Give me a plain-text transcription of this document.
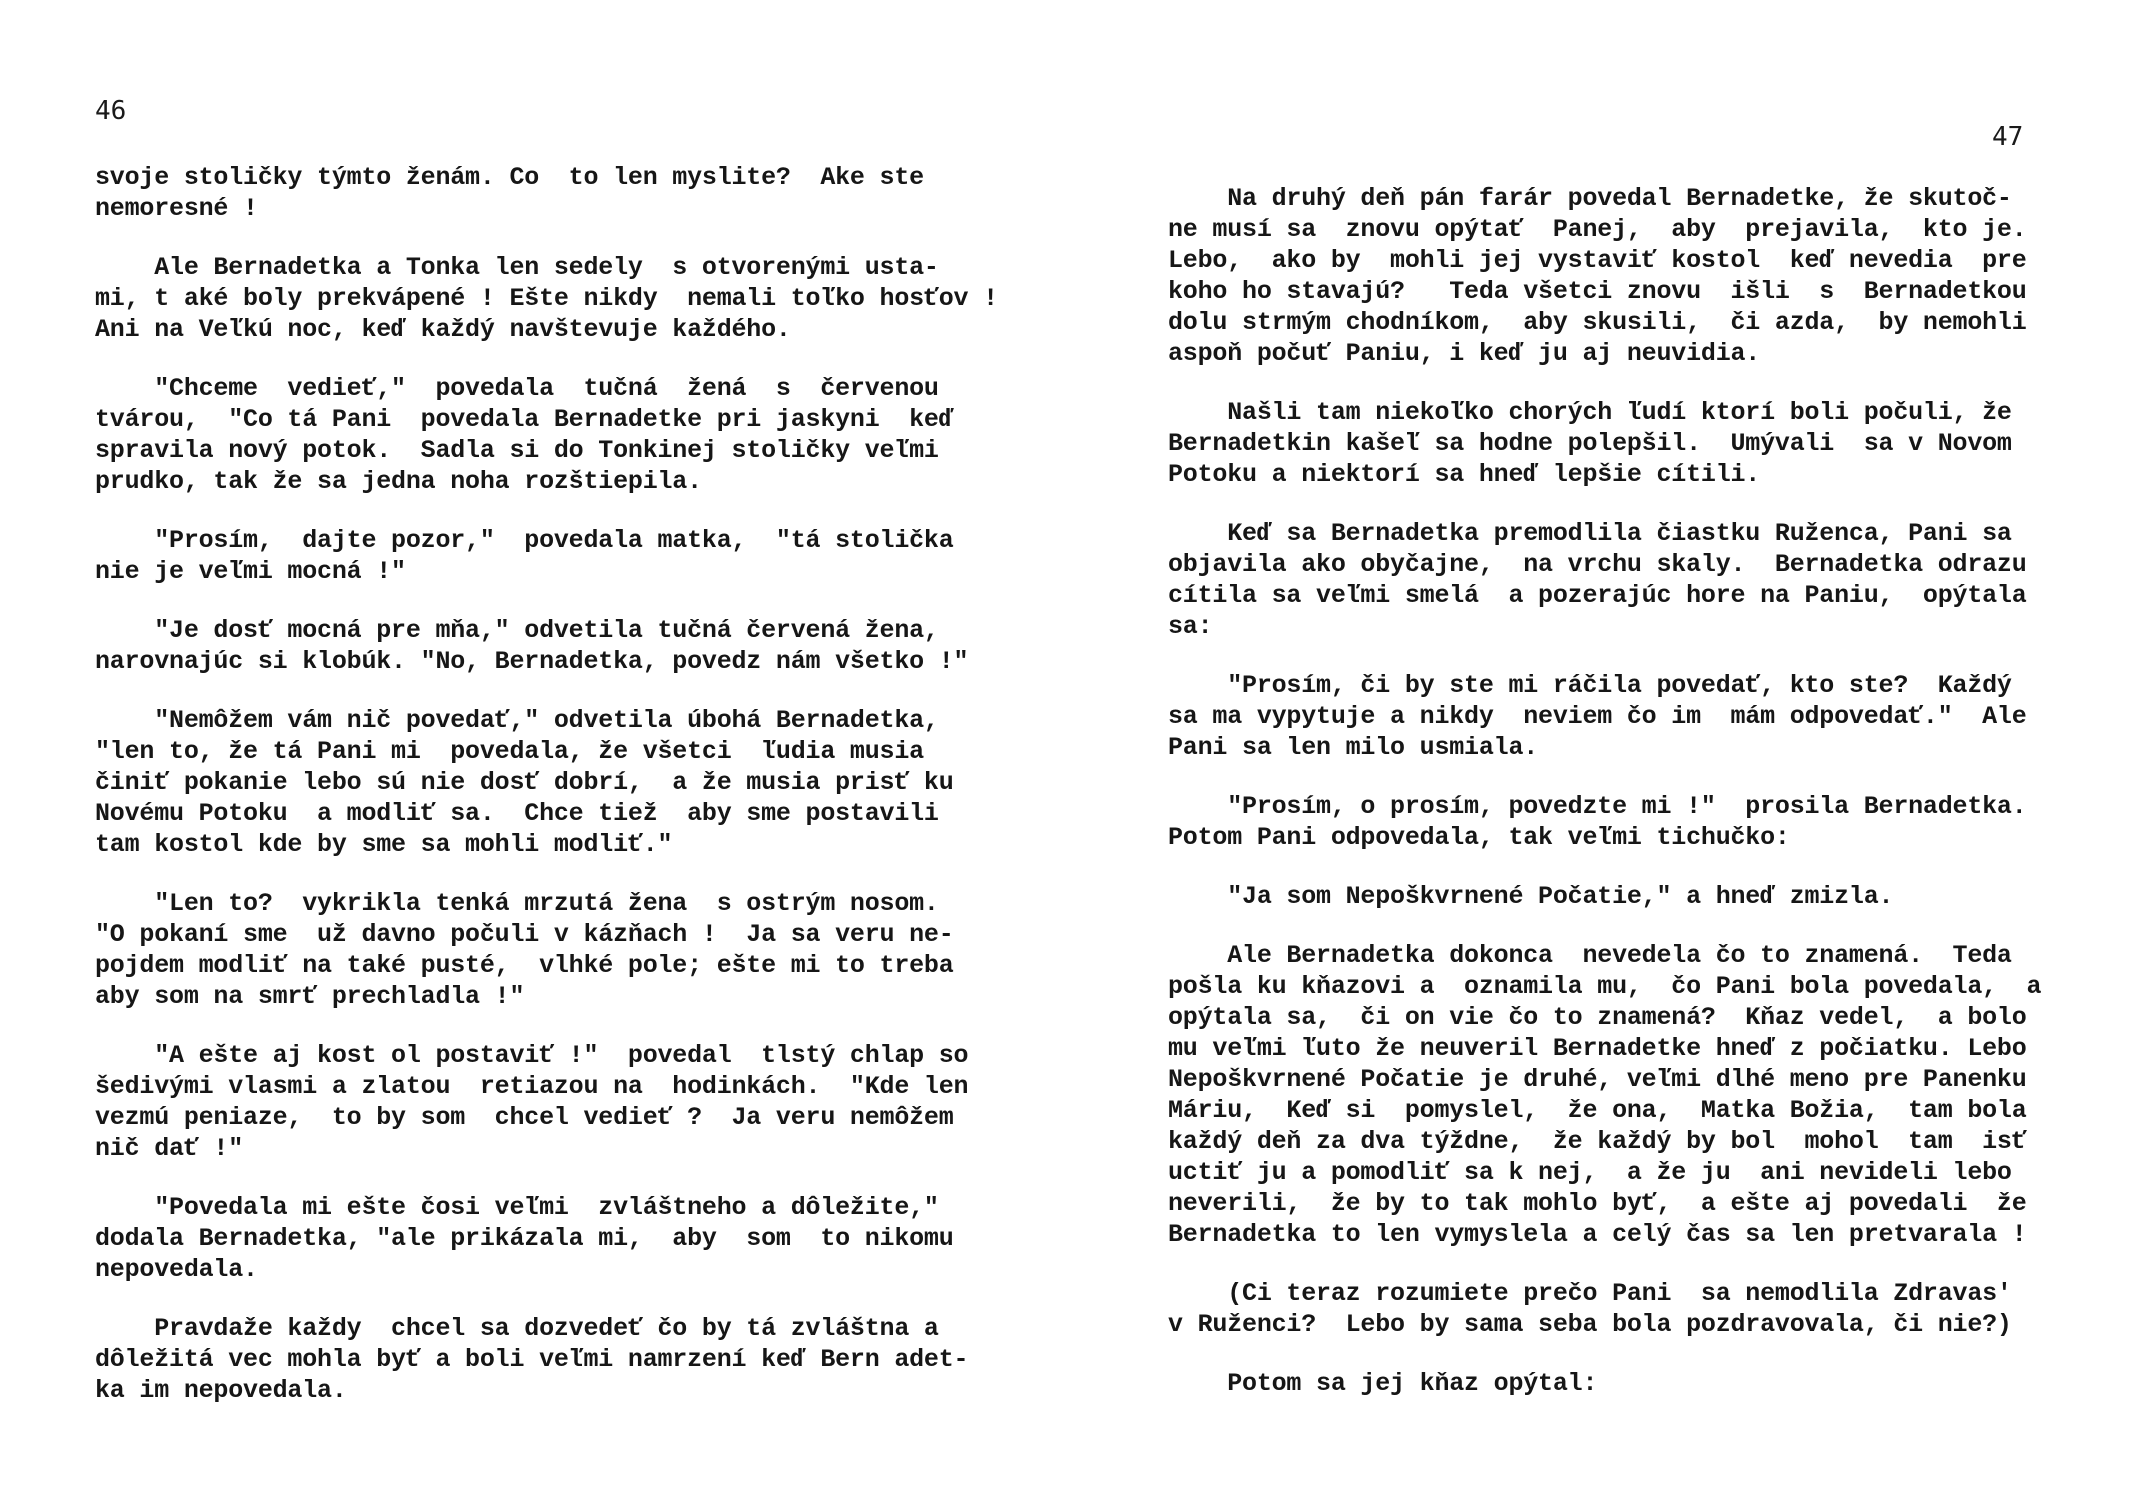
46
47
svoje stoličky týmto ženám. Co  to len myslite?  Ake ste
nemoresné !
Ale Bernadetka a Tonka len sedely  s otvorenými usta-
mi, t aké boly prekvápené ! Ešte nikdy  nemali toľko hosťov !
Ani na Veľkú noc, keď každý navštevuje každého.
"Chceme  vedieť,"  povedala  tučná  žená  s  červenou
tvárou,  "Co tá Pani  povedala Bernadetke pri jaskyni  keď
spravila nový potok.  Sadla si do Tonkinej stoličky veľmi
prudko, tak že sa jedna noha rozštiepila.
"Prosím,  dajte pozor,"  povedala matka,  "tá stolička
nie je veľmi mocná !"
"Je dosť mocná pre mňa," odvetila tučná červená žena,
narovnajúc si klobúk. "No, Bernadetka, povedz nám všetko !"
"Nemôžem vám nič povedať," odvetila úbohá Bernadetka,
"len to, že tá Pani mi  povedala, že všetci  ľudia musia
činiť pokanie lebo sú nie dosť dobrí,  a že musia prisť ku
Novému Potoku  a modliť sa.  Chce tiež  aby sme postavili
tam kostol kde by sme sa mohli modliť."
"Len to?  vykrikla tenká mrzutá žena  s ostrým nosom.
"O pokaní sme  už davno počuli v kázňach !  Ja sa veru ne-
pojdem modliť na také pusté,  vlhké pole; ešte mi to treba
aby som na smrť prechladla !"
"A ešte aj kost ol postaviť !"  povedal  tlstý chlap so
šedivými vlasmi a zlatou  retiazou na  hodinkách.  "Kde len
vezmú peniaze,  to by som  chcel vedieť ?  Ja veru nemôžem
nič dať !"
"Povedala mi ešte čosi veľmi  zvláštneho a dôležite,"
dodala Bernadetka, "ale prikázala mi,  aby  som  to nikomu
nepovedala.
Pravdaže každy  chcel sa dozvedeť čo by tá zvláštna a
dôležitá vec mohla byť a boli veľmi namrzení keď Bern adet-
ka im nepovedala.
Na druhý deň pán farár povedal Bernadetke, že skutoč-
ne musí sa  znovu opýtať  Panej,  aby  prejavila,  kto je.
Lebo,  ako by  mohli jej vystaviť kostol  keď nevedia  pre
koho ho stavajú?   Teda všetci znovu  išli  s  Bernadetkou
dolu strmým chodníkom,  aby skusili,  či azda,  by nemohli
aspoň počuť Paniu, i keď ju aj neuvidia.
Našli tam niekoľko chorých ľudí ktorí boli počuli, že
Bernadetkin kašeľ sa hodne polepšil.  Umývali  sa v Novom
Potoku a niektorí sa hneď lepšie cítili.
Keď sa Bernadetka premodlila čiastku Ruženca, Pani sa
objavila ako obyčajne,  na vrchu skaly.  Bernadetka odrazu
cítila sa veľmi smelá  a pozerajúc hore na Paniu,  opýtala
sa:
"Prosím, či by ste mi ráčila povedať, kto ste?  Každý
sa ma vypytuje a nikdy  neviem čo im  mám odpovedať."  Ale
Pani sa len milo usmiala.
"Prosím, o prosím, povedzte mi !"  prosila Bernadetka.
Potom Pani odpovedala, tak veľmi tichučko:
"Ja som Nepoškvrnené Počatie," a hneď zmizla.
Ale Bernadetka dokonca  nevedela čo to znamená.  Teda
pošla ku kňazovi a  oznamila mu,  čo Pani bola povedala,  a
opýtala sa,  či on vie čo to znamená?  Kňaz vedel,  a bolo
mu veľmi ľuto že neuveril Bernadetke hneď z počiatku. Lebo
Nepoškvrnené Počatie je druhé, veľmi dlhé meno pre Panenku
Máriu,  Keď si  pomyslel,  že ona,  Matka Božia,  tam bola
každý deň za dva týždne,  že každý by bol  mohol  tam  isť
uctiť ju a pomodliť sa k nej,  a že ju  ani nevideli lebo
neverili,  že by to tak mohlo byť,  a ešte aj povedali  že
Bernadetka to len vymyslela a celý čas sa len pretvarala !
(Ci teraz rozumiete prečo Pani  sa nemodlila Zdravas'
v Ruženci?  Lebo by sama seba bola pozdravovala, či nie?)
Potom sa jej kňaz opýtal:
